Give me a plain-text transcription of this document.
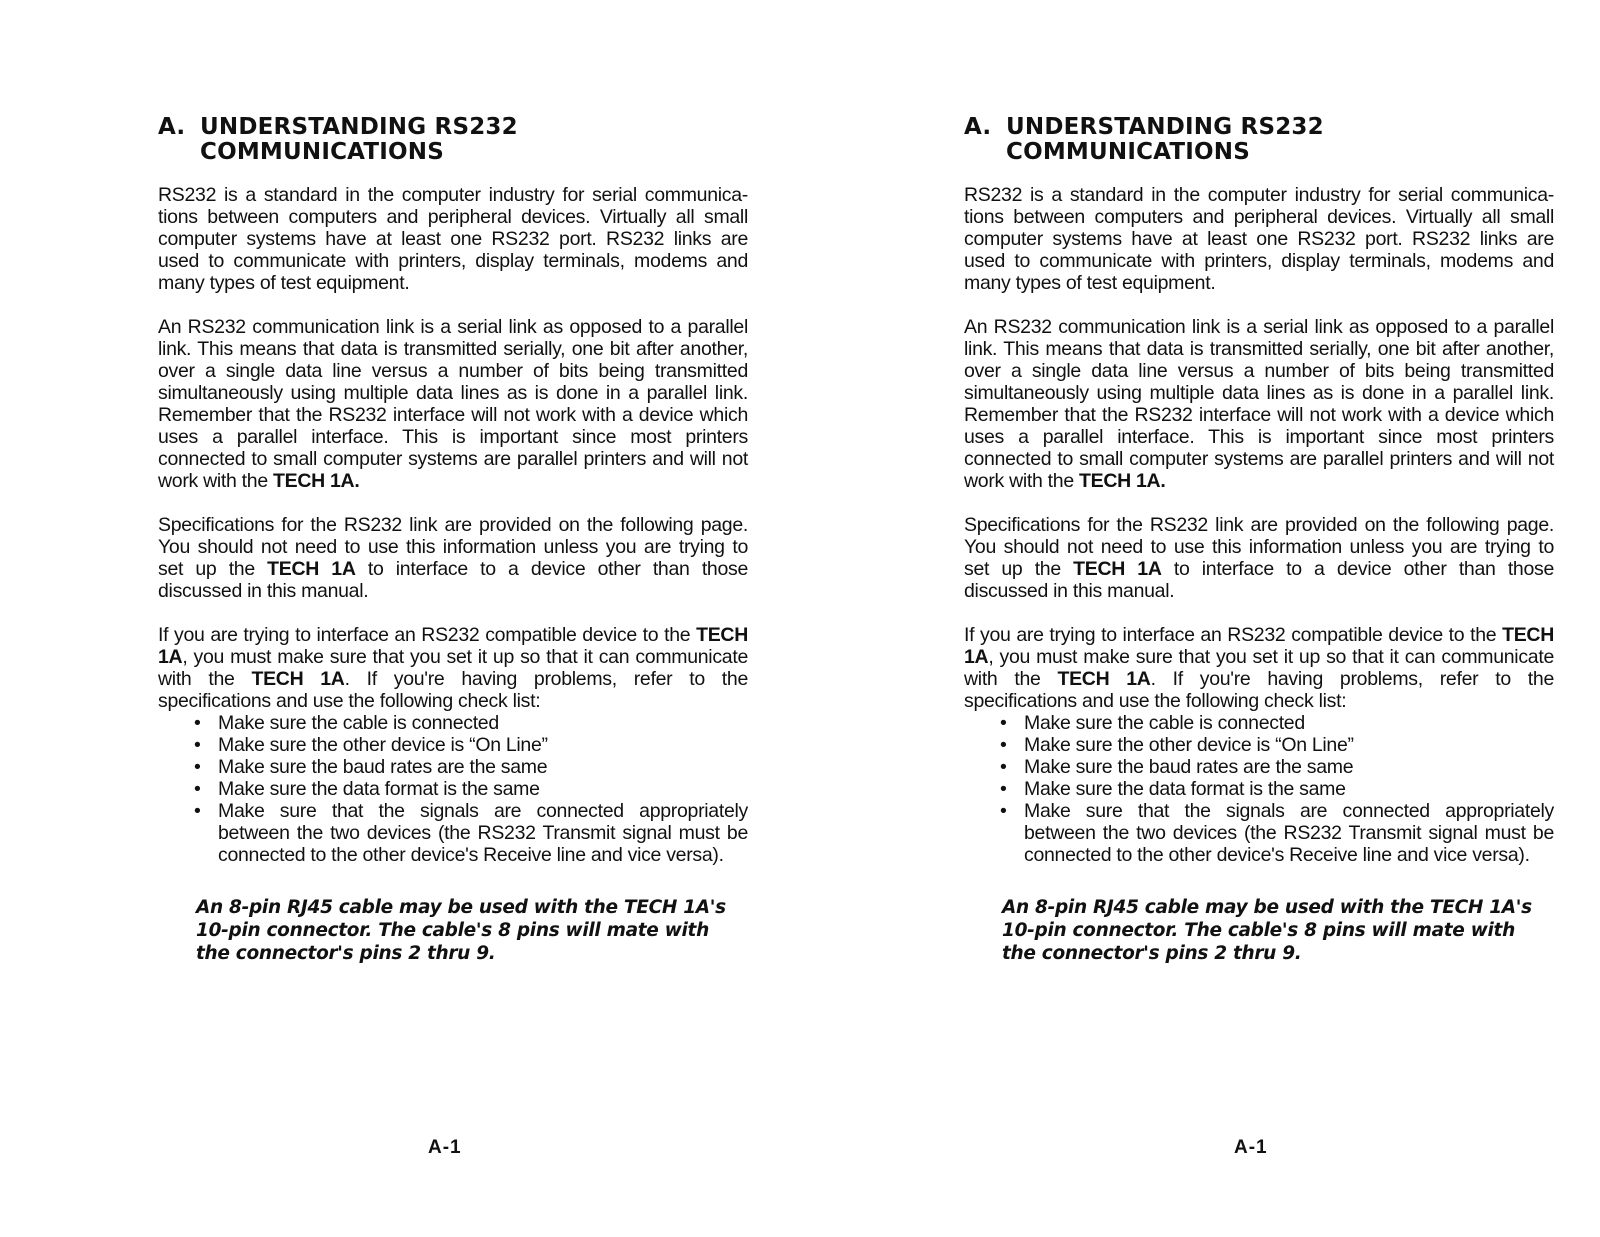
A. UNDERSTANDING RS232
COMMUNICATIONS

RS232 is a standard in the computer industry for serial communica- tions between computers and peripheral devices. Virtually all small computer systems have at least one RS232 port. RS232 links are used to communicate with printers, display terminals, modems and many types of test equipment.

An RS232 communication link is a serial link as opposed to a parallel link. This means that data is transmitted serially, one bit after another, over a single data line versus a number of bits being transmitted simultaneously using multiple data lines as is done in a parallel link. Remember that the RS232 interface will not work with a device which uses a parallel interface. This is important since most printers connected to small computer systems are parallel printers and will not work with the TECH 1A.

Specifications for the RS232 link are provided on the following page. You should not need to use this information unless you are trying to set up the TECH 1A to interface to a device other than those discussed in this manual.

If you are trying to interface an RS232 compatible device to the TECH 1A, you must make sure that you set it up so that it can communicate with the TECH 1A. If you're having problems, refer to the specifications and use the following check list:

• Make sure the cable is connected
• Make sure the other device is “On Line”
• Make sure the baud rates are the same
• Make sure the data format is the same
• Make sure that the signals are connected appropriately between the two devices (the RS232 Transmit signal must be connected to the other device's Receive line and vice versa).

An 8-pin RJ45 cable may be used with the TECH 1A's 10-pin connector. The cable's 8 pins will mate with the connector's pins 2 thru 9.

A-1
A. UNDERSTANDING RS232
COMMUNICATIONS

RS232 is a standard in the computer industry for serial communica- tions between computers and peripheral devices. Virtually all small computer systems have at least one RS232 port. RS232 links are used to communicate with printers, display terminals, modems and many types of test equipment.

An RS232 communication link is a serial link as opposed to a parallel link. This means that data is transmitted serially, one bit after another, over a single data line versus a number of bits being transmitted simultaneously using multiple data lines as is done in a parallel link. Remember that the RS232 interface will not work with a device which uses a parallel interface. This is important since most printers connected to small computer systems are parallel printers and will not work with the TECH 1A.

Specifications for the RS232 link are provided on the following page. You should not need to use this information unless you are trying to set up the TECH 1A to interface to a device other than those discussed in this manual.

If you are trying to interface an RS232 compatible device to the TECH 1A, you must make sure that you set it up so that it can communicate with the TECH 1A. If you're having problems, refer to the specifications and use the following check list:

• Make sure the cable is connected
• Make sure the other device is “On Line”
• Make sure the baud rates are the same
• Make sure the data format is the same
• Make sure that the signals are connected appropriately between the two devices (the RS232 Transmit signal must be connected to the other device's Receive line and vice versa).

An 8-pin RJ45 cable may be used with the TECH 1A's 10-pin connector. The cable's 8 pins will mate with the connector's pins 2 thru 9.

A-1
